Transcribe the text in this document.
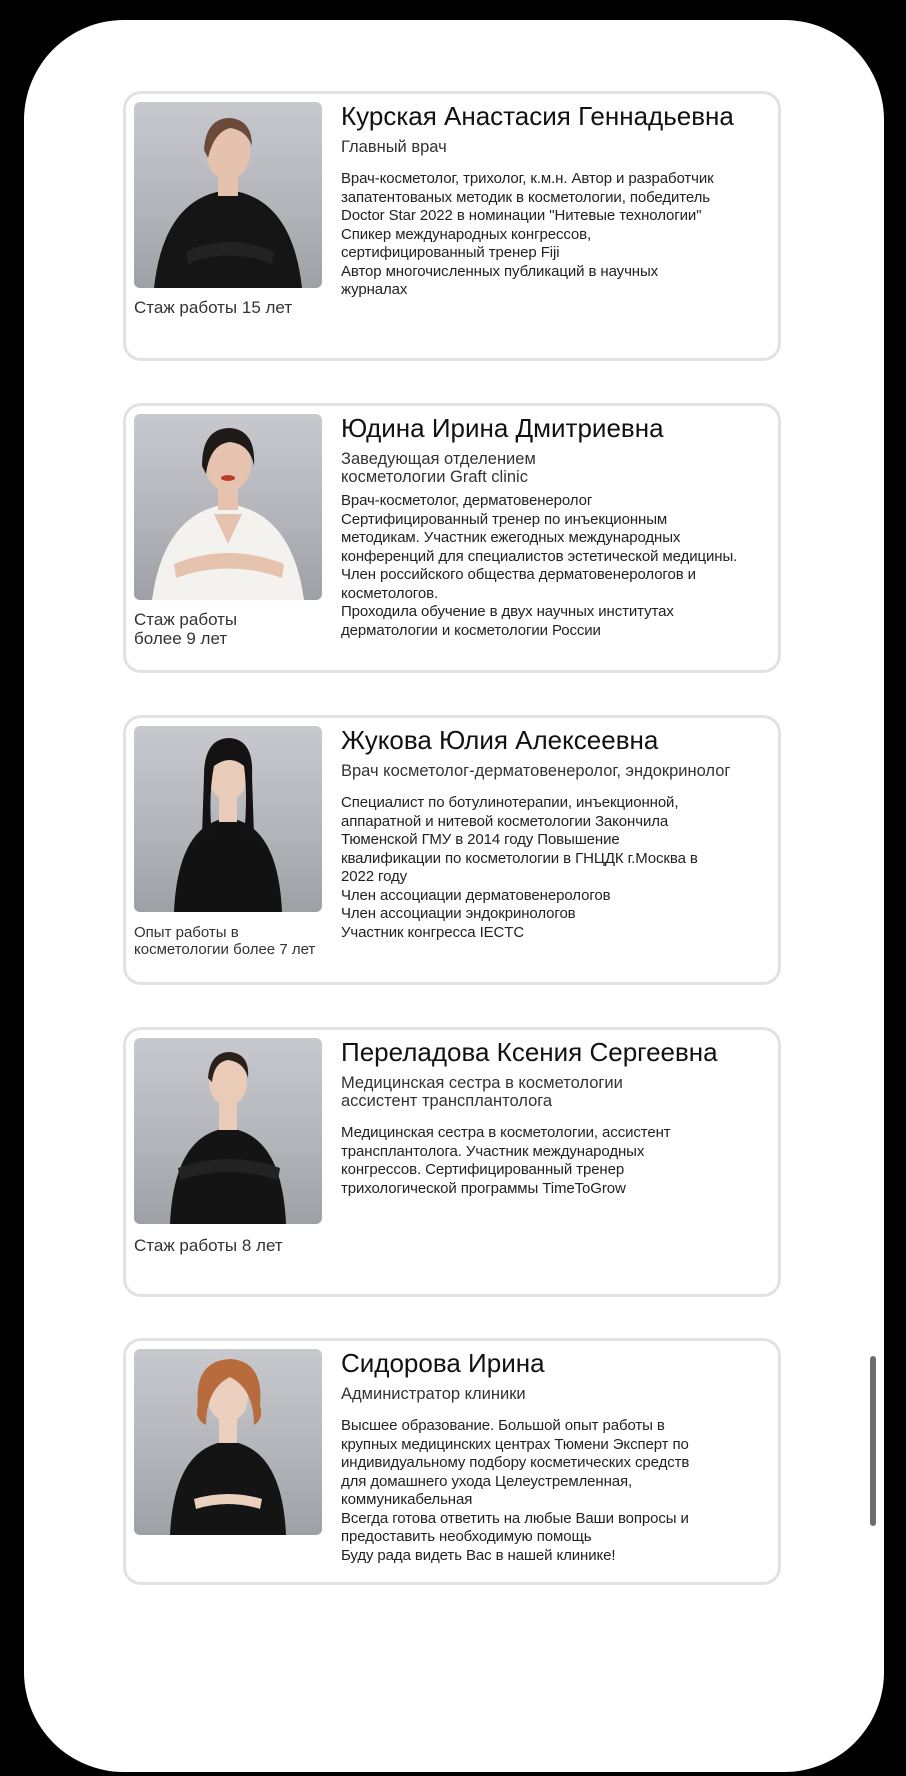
Стаж работы 15 лет
Курская Анастасия Геннадьевна
Главный врач
Врач-косметолог, трихолог, к.м.н. Автор и разработчик
запатентованых методик в косметологии, победитель
Doctor Star 2022 в номинации "Нитевые технологии"
Спикер международных конгрессов,
сертифицированный тренер Fiji
Автор многочисленных публикаций в научных
журналах
Стаж работы
более 9 лет
Юдина Ирина Дмитриевна
Заведующая отделением
косметологии Graft clinic
Врач-косметолог, дерматовенеролог
Сертифицированный тренер по инъекционным
методикам. Участник ежегодных международных
конференций для специалистов эстетической медицины.
Член российского общества дерматовенерологов и
косметологов.
Проходила обучение в двух научных институтах
дерматологии и косметологии России
Опыт работы в
косметологии более 7 лет
Жукова Юлия Алексеевна
Врач косметолог-дерматовенеролог, эндокринолог
Специалист по ботулинотерапии, инъекционной,
аппаратной и нитевой косметологии Закончила
Тюменской ГМУ в 2014 году Повышение
квалификации по косметологии в ГНЦДК г.Москва в
2022 году
Член ассоциации дерматовенерологов
Член ассоциации эндокринологов
Участник конгресса IECTC
Стаж работы 8 лет
Переладова Ксения Сергеевна
Медицинская сестра в косметологии
ассистент трансплантолога
Медицинская сестра в косметологии, ассистент
трансплантолога. Участник международных
конгрессов. Сертифицированный тренер
трихологической программы TimeToGrow
Сидорова Ирина
Администратор клиники
Высшее образование. Большой опыт работы в
крупных медицинских центрах Тюмени Эксперт по
индивидуальному подбору косметических средств
для домашнего ухода Целеустремленная,
коммуникабельная
Всегда готова ответить на любые Ваши вопросы и
предоставить необходимую помощь
Буду рада видеть Вас в нашей клинике!
